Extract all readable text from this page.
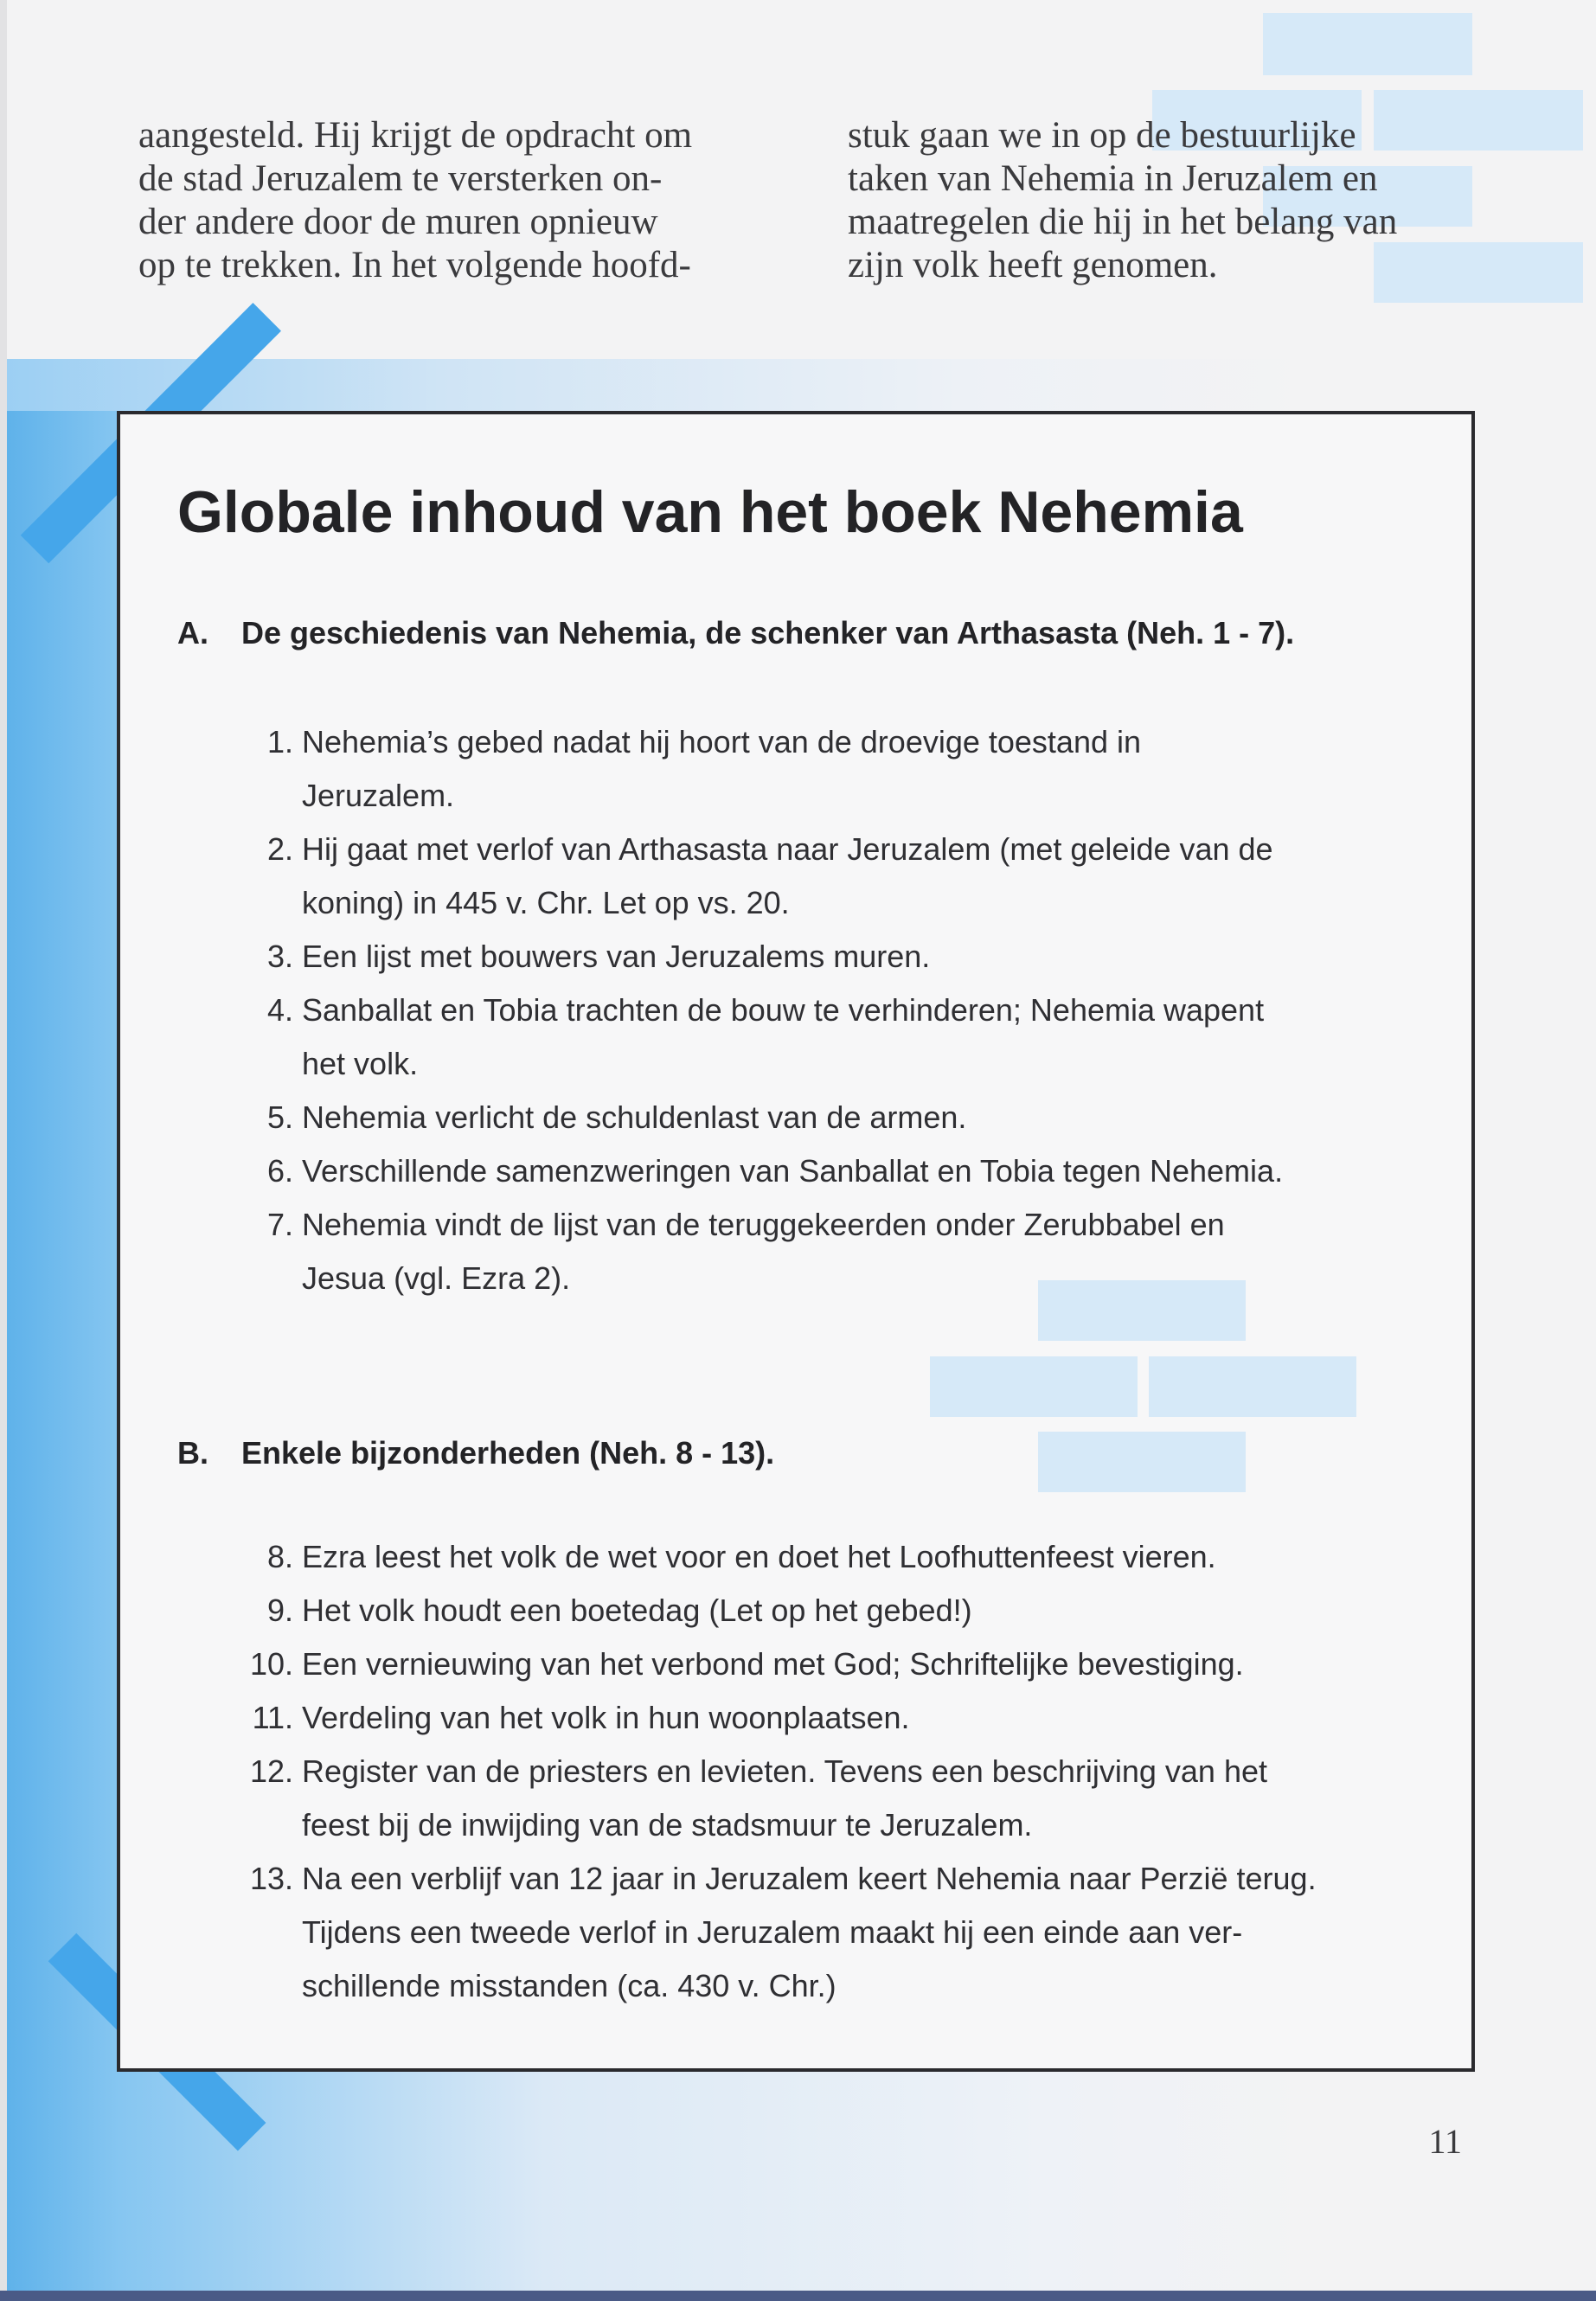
aangesteld. Hij krijgt de opdracht om
de stad Jeruzalem te versterken on-
der andere door de muren opnieuw
op te trekken. In het volgende hoofd-

stuk gaan we in op de bestuurlijke
taken van Nehemia in Jeruzalem en
maatregelen die hij in het belang van
zijn volk heeft genomen.

Globale inhoud van het boek Nehemia
A. De geschiedenis van Nehemia, de schenker van Arthasasta (Neh. 1 - 7).
1. Nehemia’s gebed nadat hij hoort van de droevige toestand in
Jeruzalem.
2. Hij gaat met verlof van Arthasasta naar Jeruzalem (met geleide van de
koning) in 445 v. Chr. Let op vs. 20.
3. Een lijst met bouwers van Jeruzalems muren.
4. Sanballat en Tobia trachten de bouw te verhinderen; Nehemia wapent
het volk.
5. Nehemia verlicht de schuldenlast van de armen.
6. Verschillende samenzweringen van Sanballat en Tobia tegen Nehemia.
7. Nehemia vindt de lijst van de teruggekeerden onder Zerubbabel en
Jesua (vgl. Ezra 2).
B. Enkele bijzonderheden (Neh. 8 - 13).
8. Ezra leest het volk de wet voor en doet het Loofhuttenfeest vieren.
9. Het volk houdt een boetedag (Let op het gebed!)
10. Een vernieuwing van het verbond met God; Schriftelijke bevestiging.
11. Verdeling van het volk in hun woonplaatsen.
12. Register van de priesters en levieten. Tevens een beschrijving van het
feest bij de inwijding van de stadsmuur te Jeruzalem.
13. Na een verblijf van 12 jaar in Jeruzalem keert Nehemia naar Perzië terug.
Tijdens een tweede verlof in Jeruzalem maakt hij een einde aan ver-
schillende misstanden (ca. 430 v. Chr.)

11
